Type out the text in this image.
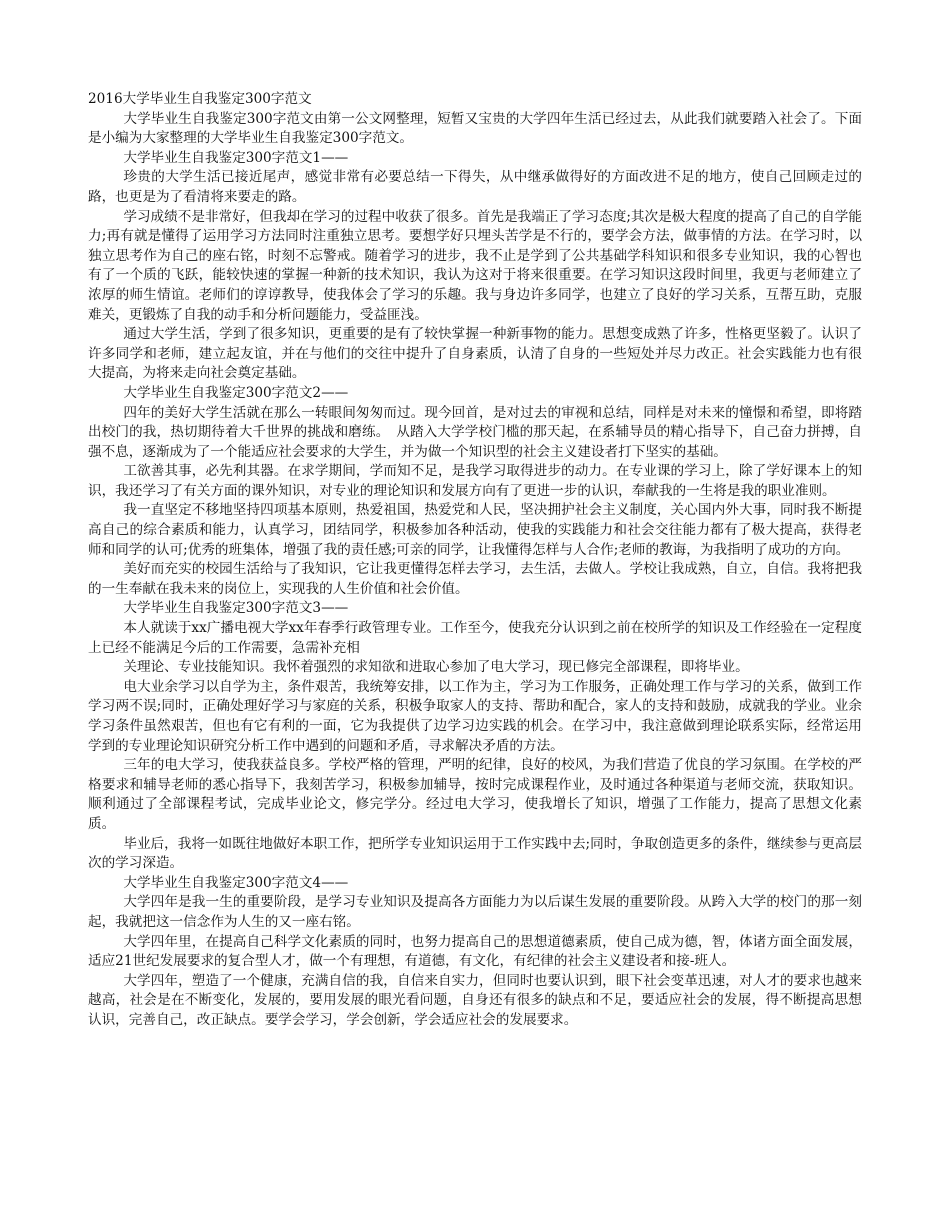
2016大学毕业生自我鉴定300字范文

大学毕业生自我鉴定300字范文由第一公文网整理，短暂又宝贵的大学四年生活已经过去，从此我们就要踏入社会了。下面是小编为大家整理的大学毕业生自我鉴定300字范文。

大学毕业生自我鉴定300字范文1——

珍贵的大学生活已接近尾声，感觉非常有必要总结一下得失，从中继承做得好的方面改进不足的地方，使自己回顾走过的路，也更是为了看清将来要走的路。

学习成绩不是非常好，但我却在学习的过程中收获了很多。首先是我端正了学习态度;其次是极大程度的提高了自己的自学能力;再有就是懂得了运用学习方法同时注重独立思考。要想学好只埋头苦学是不行的，要学会方法，做事情的方法。在学习时，以独立思考作为自己的座右铭，时刻不忘警戒。随着学习的进步，我不止是学到了公共基础学科知识和很多专业知识，我的心智也有了一个质的飞跃，能较快速的掌握一种新的技术知识，我认为这对于将来很重要。在学习知识这段时间里，我更与老师建立了浓厚的师生情谊。老师们的谆谆教导，使我体会了学习的乐趣。我与身边许多同学，也建立了良好的学习关系，互帮互助，克服难关，更锻炼了自我的动手和分析问题能力，受益匪浅。

通过大学生活，学到了很多知识，更重要的是有了较快掌握一种新事物的能力。思想变成熟了许多，性格更坚毅了。认识了许多同学和老师，建立起友谊，并在与他们的交往中提升了自身素质，认清了自身的一些短处并尽力改正。社会实践能力也有很大提高，为将来走向社会奠定基础。

大学毕业生自我鉴定300字范文2——

四年的美好大学生活就在那么一转眼间匆匆而过。现今回首，是对过去的审视和总结，同样是对未来的憧憬和希望，即将踏出校门的我，热切期待着大千世界的挑战和磨练。　从踏入大学学校门槛的那天起，在系辅导员的精心指导下，自己奋力拼搏，自强不息，逐渐成为了一个能适应社会要求的大学生，并为做一个知识型的社会主义建设者打下坚实的基础。

工欲善其事，必先利其器。在求学期间，学而知不足，是我学习取得进步的动力。在专业课的学习上，除了学好课本上的知识，我还学习了有关方面的课外知识，对专业的理论知识和发展方向有了更进一步的认识，奉献我的一生将是我的职业准则。

我一直坚定不移地坚持四项基本原则，热爱祖国，热爱党和人民，坚决拥护社会主义制度，关心国内外大事，同时我不断提高自己的综合素质和能力，认真学习，团结同学，积极参加各种活动，使我的实践能力和社会交往能力都有了极大提高，获得老师和同学的认可;优秀的班集体，增强了我的责任感;可亲的同学，让我懂得怎样与人合作;老师的教诲，为我指明了成功的方向。

美好而充实的校园生活给与了我知识，它让我更懂得怎样去学习，去生活，去做人。学校让我成熟，自立，自信。我将把我的一生奉献在我未来的岗位上，实现我的人生价值和社会价值。

大学毕业生自我鉴定300字范文3——

本人就读于xx广播电视大学xx年春季行政管理专业。工作至今，使我充分认识到之前在校所学的知识及工作经验在一定程度上已经不能满足今后的工作需要，急需补充相

关理论、专业技能知识。我怀着强烈的求知欲和进取心参加了电大学习，现已修完全部课程，即将毕业。

电大业余学习以自学为主，条件艰苦，我统筹安排，以工作为主，学习为工作服务，正确处理工作与学习的关系，做到工作学习两不误;同时，正确处理好学习与家庭的关系，积极争取家人的支持、帮助和配合，家人的支持和鼓励，成就我的学业。业余学习条件虽然艰苦，但也有它有利的一面，它为我提供了边学习边实践的机会。在学习中，我注意做到理论联系实际，经常运用学到的专业理论知识研究分析工作中遇到的问题和矛盾，寻求解决矛盾的方法。

三年的电大学习，使我获益良多。学校严格的管理，严明的纪律，良好的校风，为我们营造了优良的学习氛围。在学校的严格要求和辅导老师的悉心指导下，我刻苦学习，积极参加辅导，按时完成课程作业，及时通过各种渠道与老师交流，获取知识。顺利通过了全部课程考试，完成毕业论文，修完学分。经过电大学习，使我增长了知识，增强了工作能力，提高了思想文化素质。

毕业后，我将一如既往地做好本职工作，把所学专业知识运用于工作实践中去;同时，争取创造更多的条件，继续参与更高层次的学习深造。

大学毕业生自我鉴定300字范文4——

大学四年是我一生的重要阶段，是学习专业知识及提高各方面能力为以后谋生发展的重要阶段。从跨入大学的校门的那一刻起，我就把这一信念作为人生的又一座右铭。

大学四年里，在提高自己科学文化素质的同时，也努力提高自己的思想道德素质，使自己成为德，智，体诸方面全面发展，适应21世纪发展要求的复合型人才，做一个有理想，有道德，有文化，有纪律的社会主义建设者和接-班人。

大学四年，塑造了一个健康，充满自信的我，自信来自实力，但同时也要认识到，眼下社会变革迅速，对人才的要求也越来越高，社会是在不断变化，发展的，要用发展的眼光看问题，自身还有很多的缺点和不足，要适应社会的发展，得不断提高思想认识，完善自己，改正缺点。要学会学习，学会创新，学会适应社会的发展要求。
